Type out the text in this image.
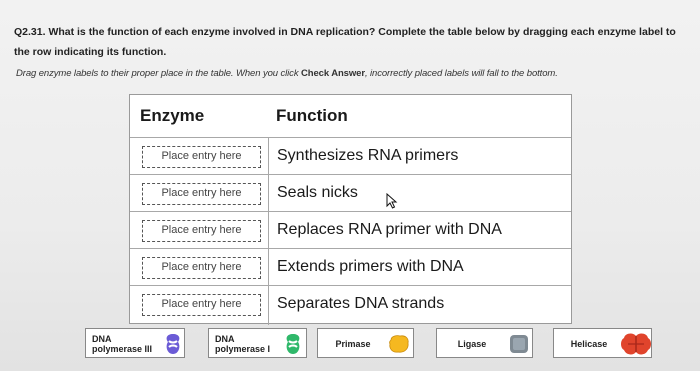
Q2.31. What is the function of each enzyme involved in DNA replication? Complete the table below by dragging each enzyme label to the row indicating its function.
Drag enzyme labels to their proper place in the table. When you click Check Answer, incorrectly placed labels will fall to the bottom.
Enzyme	Function
Place entry here	Synthesizes RNA primers
Place entry here	Seals nicks
Place entry here	Replaces RNA primer with DNA
Place entry here	Extends primers with DNA
Place entry here	Separates DNA strands
DNA
polymerase III
DNA
polymerase I	Primase	Ligase	Helicase
